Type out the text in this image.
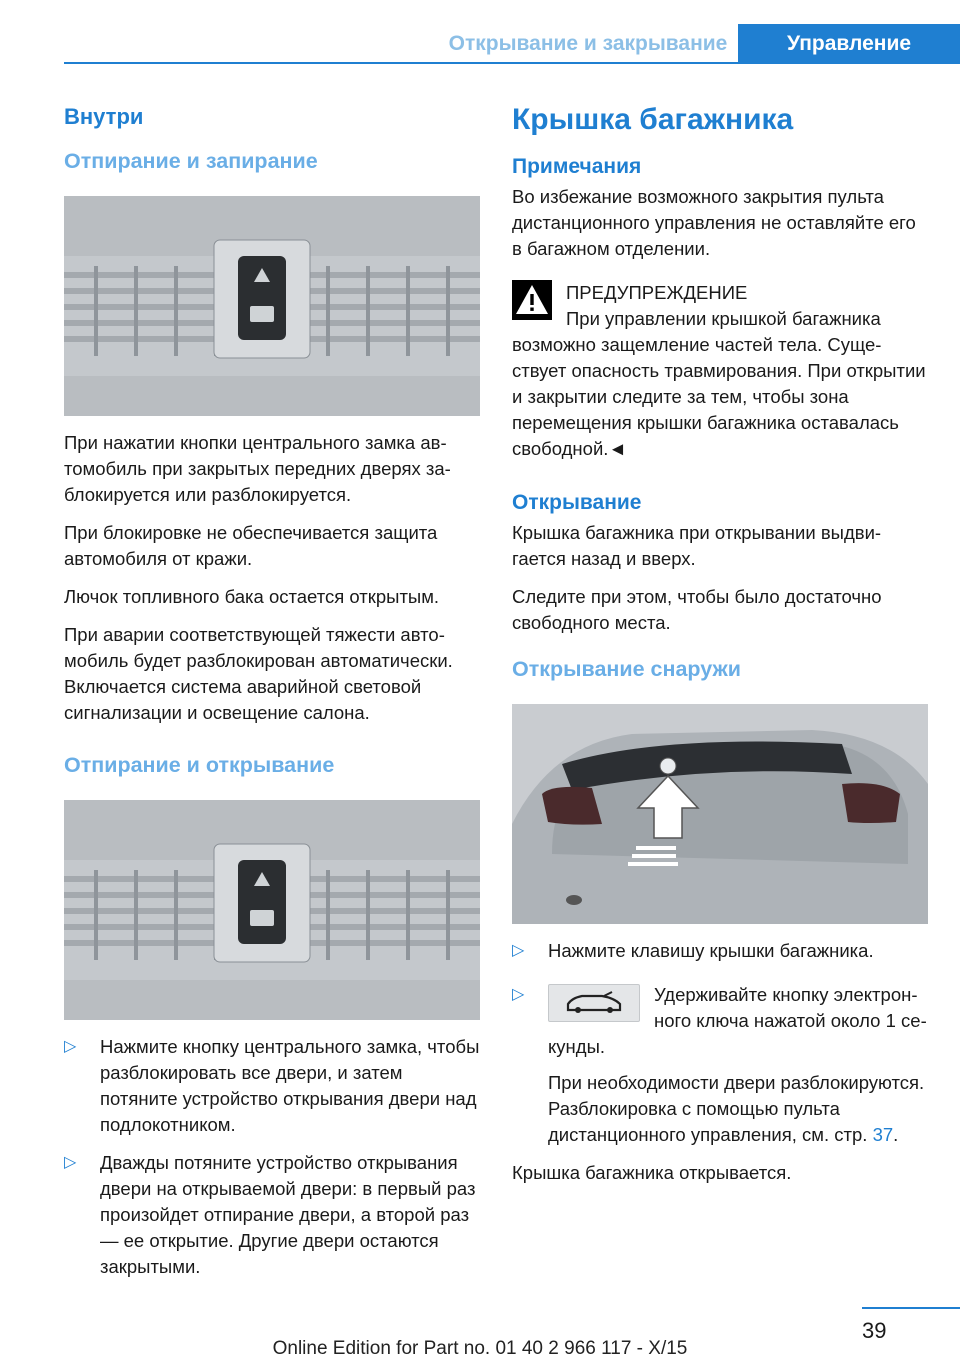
Открывание и закрывание	Управление
Внутри
Отпирание и запирание

При нажатии кнопки центрального замка автомобиль при закрытых передних дверях заблокируется или разблокируется.

При блокировке не обеспечивается защита автомобиля от кражи.

Лючок топливного бака остается открытым.

При аварии соответствующей тяжести автомобиль будет разблокирован автоматически. Включается система аварийной световой сигнализации и освещение салона.

Отпирание и открывание
▷ Нажмите кнопку центрального замка, чтобы разблокировать все двери, и затем потяните устройство открывания двери над подлокотником.
▷ Дважды потяните устройство открывания двери на открываемой двери: в первый раз произойдет отпирание двери, а второй раз — ее открытие. Другие двери остаются закрытыми.
Крышка багажника
Примечания

Во избежание возможного закрытия пульта дистанционного управления не оставляйте его в багажном отделении.

ПРЕДУПРЕЖДЕНИЕ

При управлении крышкой багажника возможно защемление частей тела. Существует опасность травмирования. При открытии и закрытии следите за тем, чтобы зона перемещения крышки багажника оставалась свободной.◄

Открывание

Крышка багажника при открывании выдвигается назад и вверх.

Следите при этом, чтобы было достаточно свободного места.

Открывание снаружи
▷ Нажмите клавишу крышки багажника.
▷	Удерживайте кнопку электронного ключа нажатой около 1 секунды.

При необходимости двери разблокируются. Разблокировка с помощью пульта дистанционного управления, см. стр. 37.

Крышка багажника открывается.

39
Online Edition for Part no. 01 40 2 966 117 - X/15
